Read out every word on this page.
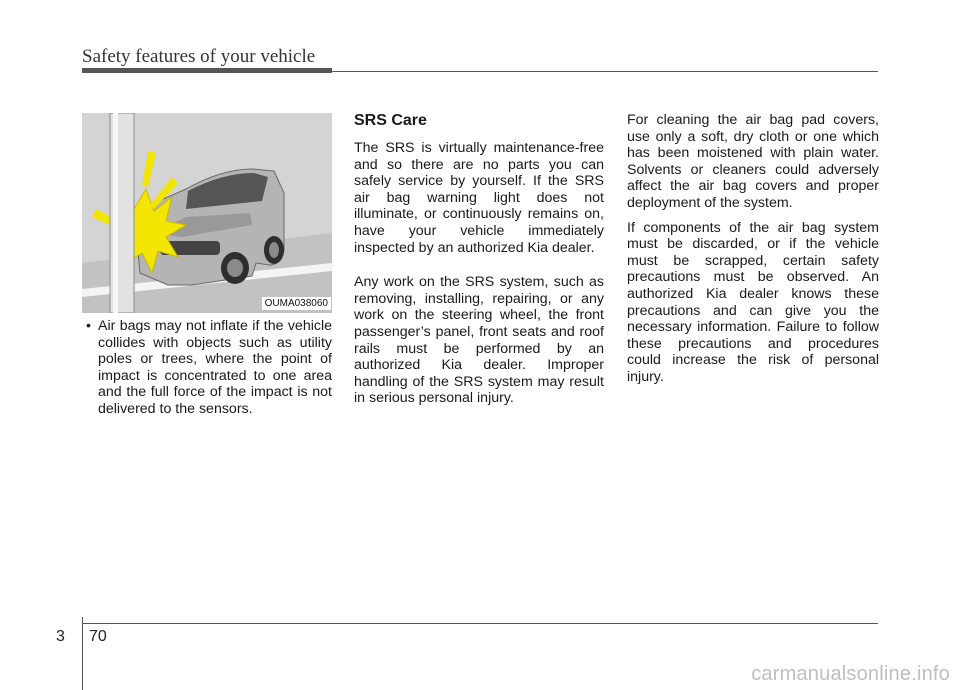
Safety features of your vehicle
OUMA038060
• Air bags may not inflate if the vehicle collides with objects such as utility poles or trees, where the point of impact is concentrated to one area and the full force of the impact is not delivered to the sensors.

SRS Care

The SRS is virtually maintenance-free and so there are no parts you can safely service by yourself. If the SRS air bag warning light does not illuminate, or continuously remains on, have your vehicle immediately inspected by an authorized Kia dealer.

Any work on the SRS system, such as removing, installing, repairing, or any work on the steering wheel, the front passenger’s panel, front seats and roof rails must be performed by an authorized Kia dealer. Improper handling of the SRS system may result in serious personal injury.

For cleaning the air bag pad covers, use only a soft, dry cloth or one which has been moistened with plain water. Solvents or cleaners could adversely affect the air bag covers and proper deployment of the system.

If components of the air bag system must be discarded, or if the vehicle must be scrapped, certain safety precautions must be observed. An authorized Kia dealer knows these precautions and can give you the necessary information. Failure to follow these precautions and procedures could increase the risk of personal injury.

3 70
carmanualsonline.info
